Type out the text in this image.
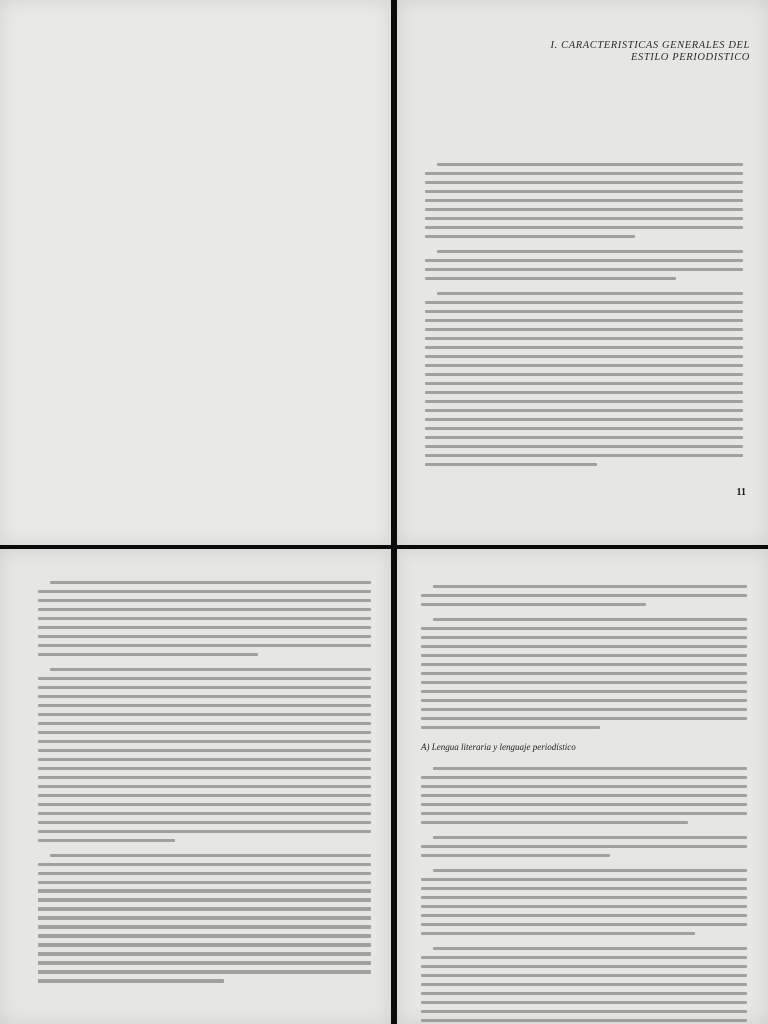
I. CARACTERISTICAS GENERALES DEL
ESTILO PERIODISTICO
11
A) Lengua literaria y lenguaje periodístico
